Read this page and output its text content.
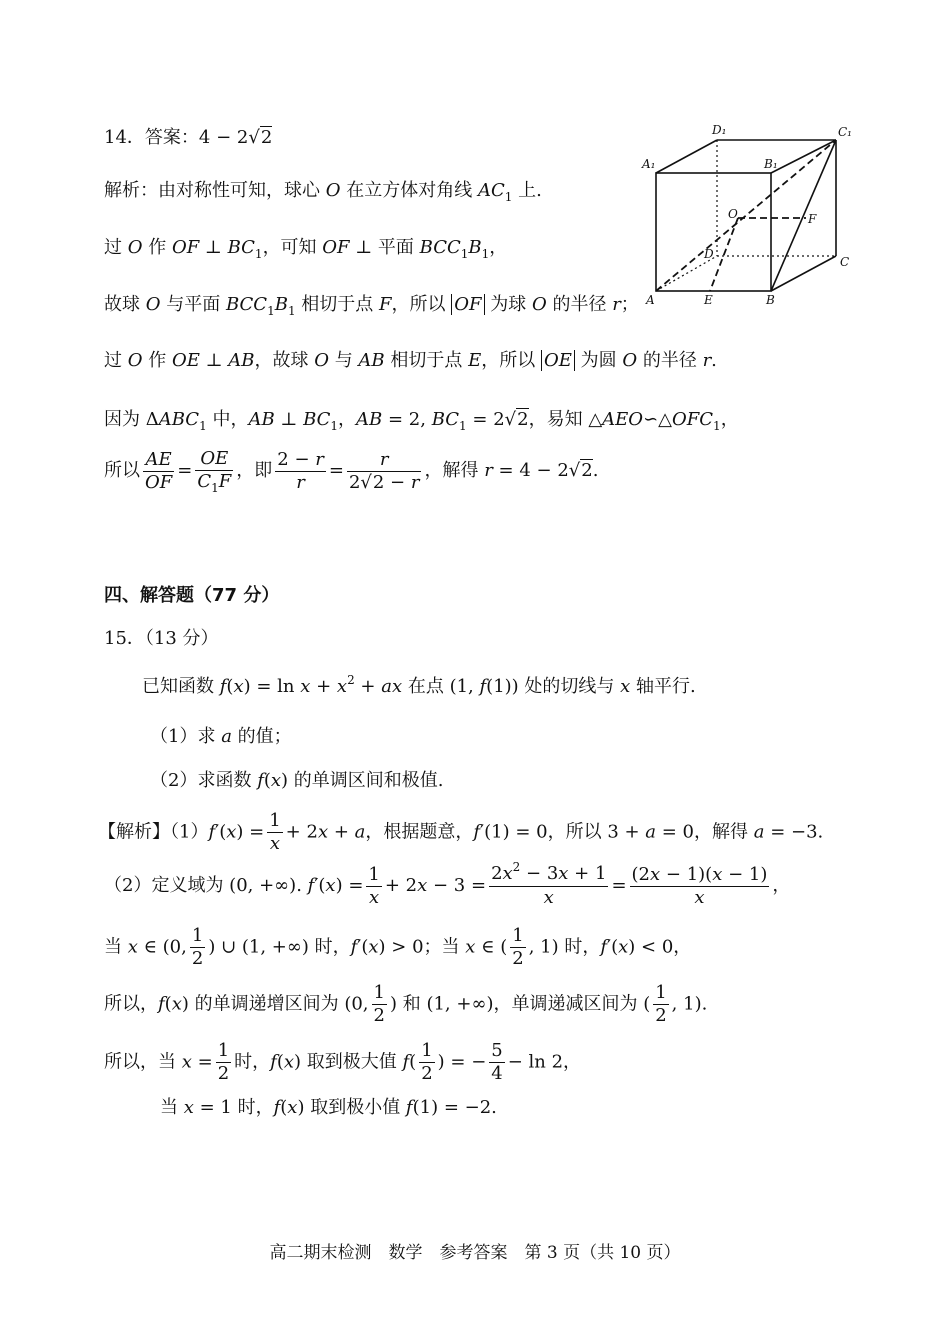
14．答案：4 − 2√2
解析：由对称性可知，球心 O 在立方体对角线 $AC_1$ 上.
过 O 作 OF ⊥ $BC_1$，可知 OF ⊥ 平面 $BCC_1B_1$，
故球 O 与平面 $BCC_1B_1$ 相切于点 F，所以 OF 为球 O 的半径 r；
过 O 作 OE ⊥ AB，故球 O 与 AB 相切于点 E，所以 OE 为圆 O 的半径 r.
因为 $\Delta ABC_1$ 中，AB ⊥ $BC_1$，AB = 2, $BC_1 = 2√2$，易知 $\triangle AEO∽\triangle OFC_1$，
所以 $\frac{AE}{OF} = \frac{OE}{C_1F}$ ，即 $\frac{2 - r}{r} = \frac{r}{2√2 - r}$ ，解得 r = 4 − 2√2.
A₁
D₁	C₁
B₁
O	F
D
C
A	E	B
四、解答题（77 分）
15．（13 分）
已知函数 $f(x) = \ln x + x^2$ + ax 在点 (1, f(1)) 处的切线与 x 轴平行.
（1）求 a 的值；
（2）求函数 f(x) 的单调区间和极值.
【解析】$(1)f'(x) = \frac{1}{x} + 2x + a$，根据题意，f′(1) = 0，所以 3 + a = 0，解得 a = −3.
（2）定义域为 (0, +∞). $f'(x) = \frac{1}{x} + 2x - 3 = \frac{2x^2 - 3x + 1}{x} = \frac{(2x - 1)(x - 1)}{x}$ ，
当 x ∈ (0, $\frac{1}{2}$ ) ∪ (1, +∞) 时，f′(x) > 0；当 x ∈ ( $\frac{1}{2}$ , 1) 时，f′(x) < 0，
所以，f(x) 的单调递增区间为 (0, $\frac{1}{2}$ ) 和 (1, +∞)，单调递减区间为 ( $\frac{1}{2}$ , 1).
所以，当 $x = \frac{1}{2}$ 时，f(x) 取到极大值 $f( \frac{1}{2}$ ) = − $\frac{5}{4} - \ln 2$，
当 x = 1 时，f(x) 取到极小值 f(1) = −2.
高二期末检测　数学　参考答案　第 3 页（共 10 页）
